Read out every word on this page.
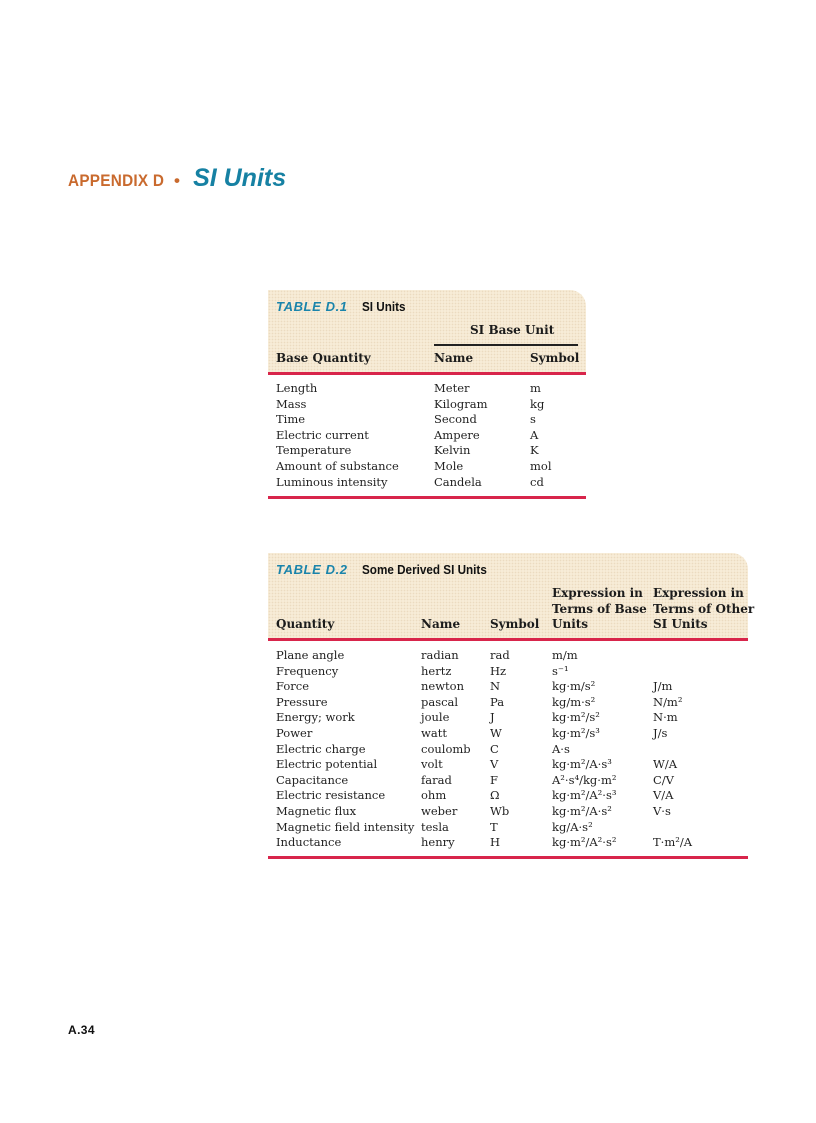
APPENDIX D • SI Units
TABLE D.1 SI Units
SI Base Unit
Base Quantity	Name	Symbol
Length	Meter	m
Mass	Kilogram	kg
Time	Second	s
Electric current	Ampere	A
Temperature	Kelvin	K
Amount of substance	Mole	mol
Luminous intensity	Candela	cd
TABLE D.2 Some Derived SI Units
Expression in
Terms of Base
Units
Expression in
Terms of Other
SI Units
Quantity	Name Symbol
Plane angle	radian	rad	m/m
Frequency	hertz	Hz	s⁻¹
Force	newton N	kg·m/s²	J/m
Pressure	pascal	Pa	kg/m·s²	N/m²
Energy; work	joule	J	kg·m²/s²	N·m
Power	watt	W	kg·m²/s³	J/s
Electric charge	coulomb C	A·s
Electric potential	volt	V	kg·m²/A·s³	W/A
Capacitance	farad	F	A²·s⁴/kg·m²	C/V
Electric resistance	ohm	Ω	kg·m²/A²·s³	V/A
Magnetic flux	weber	Wb	kg·m²/A·s²	V·s
Magnetic field intensity tesla	T	kg/A·s²
Inductance	henry	H	kg·m²/A²·s²	T·m²/A
A.34
